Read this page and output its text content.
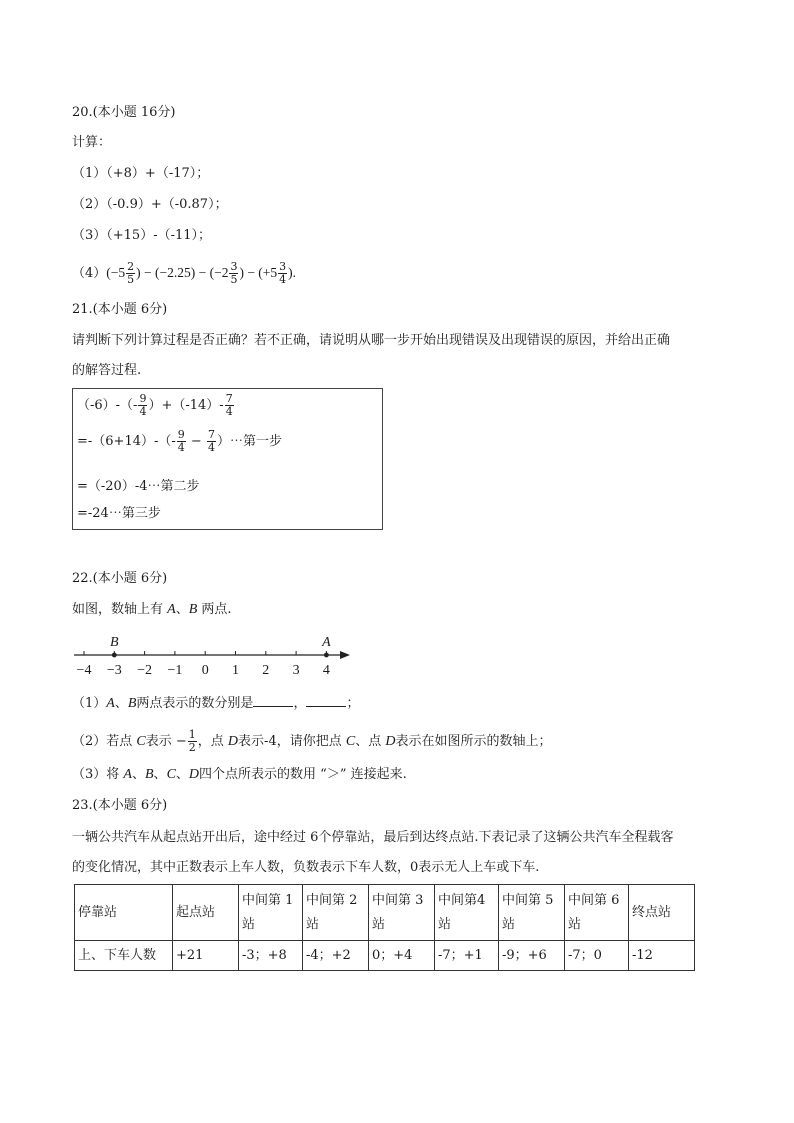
20.(本小题 16分)
计算：
（1）（+8）+（-17）；
（2）（-0.9）+（-0.87）；
（3）（+15）-（-11）；
$(4)(-5 \frac{2}{5}$ ) − $(-2.25) - (-2 \frac{3}{5}$ ) − ($+5 \frac{3}{4}$ ).
21.(本小题 6分)
请判断下列计算过程是否正确？若不正确，请说明从哪一步开始出现错误及出现错误的原因，并给出正确
的解答过程.
$(-6)-(- \frac{9}{4} )+(-14)- \frac{7}{4}$
$=-(6+14)-(- \frac{9}{4} - \frac{7}{4}$ ）⋯第一步
=（-20）-4⋯第二步
=-24⋯第三步
22.(本小题 6分)
如图，数轴上有 A、B 两点.
−4 −3 −2 −1 0 1 2 3 4
B	A
（1）A、B两点表示的数分别是	，	；
（2）若点 C表示 − $\frac{1}{2}$ ，点 D表示-4，请你把点 C、点 D表示在如图所示的数轴上；
（3）将 A、B、C、D四个点所表示的数用 “＞” 连接起来.
23.(本小题 6分)
一辆公共汽车从起点站开出后，途中经过 6个停靠站，最后到达终点站.下表记录了这辆公共汽车全程载客
的变化情况，其中正数表示上车人数，负数表示下车人数，0表示无人上车或下车.
停靠站	起点站	中间第 1站	中间第 2站	中间第 3站	中间第4站	中间第 5站	中间第 6站	终点站
上、下车人数	+21	-3；+8	-4；+2	0；+4	-7；+1	-9；+6	-7；0	-12
